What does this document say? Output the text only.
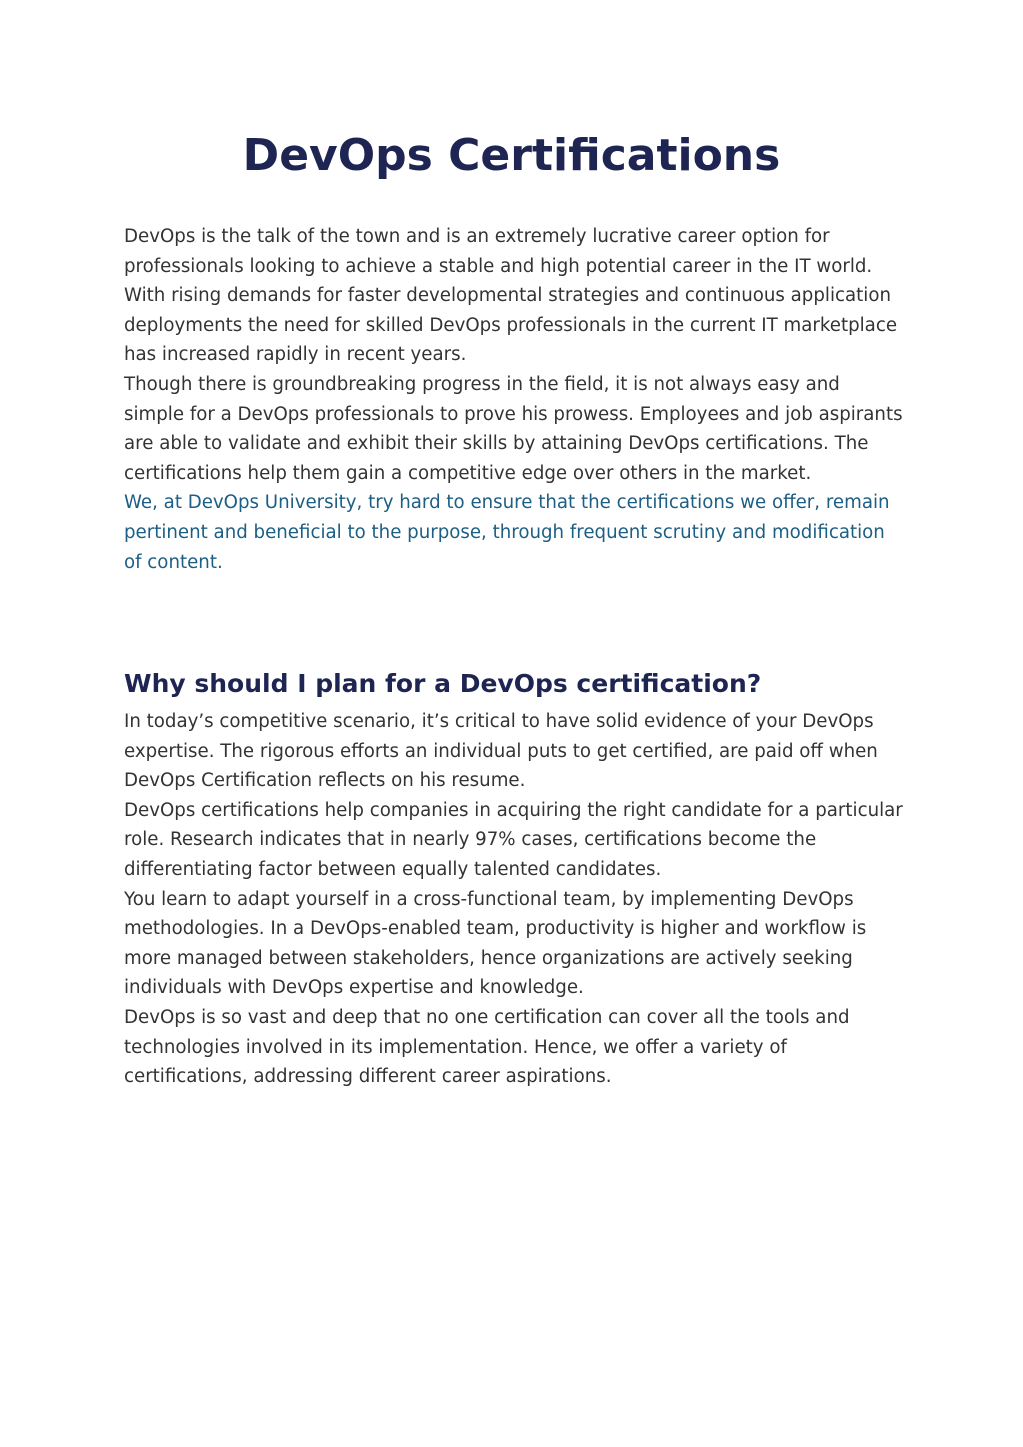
DevOps Certifications

DevOps is the talk of the town and is an extremely lucrative career option for professionals looking to achieve a stable and high potential career in the IT world. With rising demands for faster developmental strategies and continuous application deployments the need for skilled DevOps professionals in the current IT marketplace has increased rapidly in recent years.

Though there is groundbreaking progress in the field, it is not always easy and simple for a DevOps professionals to prove his prowess. Employees and job aspirants are able to validate and exhibit their skills by attaining DevOps certifications. The certifications help them gain a competitive edge over others in the market.

We, at DevOps University, try hard to ensure that the certifications we offer, remain pertinent and beneficial to the purpose, through frequent scrutiny and modification of content.

Why should I plan for a DevOps certification?

In today’s competitive scenario, it’s critical to have solid evidence of your DevOps expertise. The rigorous efforts an individual puts to get certified, are paid off when DevOps Certification reflects on his resume.

DevOps certifications help companies in acquiring the right candidate for a particular role. Research indicates that in nearly 97% cases, certifications become the differentiating factor between equally talented candidates.

You learn to adapt yourself in a cross-functional team, by implementing DevOps methodologies. In a DevOps-enabled team, productivity is higher and workflow is more managed between stakeholders, hence organizations are actively seeking individuals with DevOps expertise and knowledge.

DevOps is so vast and deep that no one certification can cover all the tools and technologies involved in its implementation. Hence, we offer a variety of certifications, addressing different career aspirations.
